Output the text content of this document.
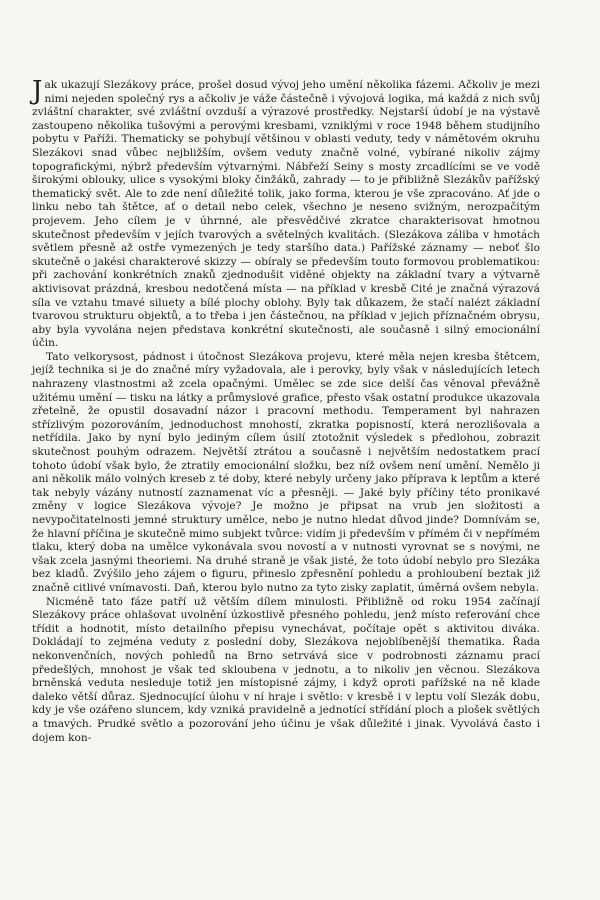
Jak ukazují Slezákovy práce, prošel dosud vývoj jeho umění několika fázemi. Ačkoliv je mezi nimi nejeden společný rys a ačkoliv je váže částečně i vývojová logika, má každá z nich svůj zvláštní charakter, své zvláštní ovzduší a výrazové prostředky. Nejstarší údobí je na výstavě zastoupeno několika tušovými a perovými kresbami, vzniklými v roce 1948 během studijního pobytu v Paříži. Thematicky se pohybují většinou v oblasti veduty, tedy v námětovém okruhu Slezákovi snad vůbec nejbližším, ovšem veduty značně volné, vybírané nikoliv zájmy topografickými, nýbrž především výtvarnými. Nábřeží Seiny s mosty zrcadlícími se ve vodě širokými oblouky, ulice s vysokými bloky činžáků, zahrady — to je přibližně Slezákův pařížský thematický svět. Ale to zde není důležité tolik, jako forma, kterou je vše zpracováno. Ať jde o linku nebo tah štětce, ať o detail nebo celek, všechno je neseno svižným, nerozpačitým projevem. Jeho cílem je v úhrnné, ale přesvědčivé zkratce charakterisovat hmotnou skutečnost především v jejích tvarových a světelných kvalitách. (Slezákova záliba v hmotách světlem přesně až ostře vymezených je tedy staršího data.) Pařížské záznamy — neboť šlo skutečně o jakési charakterové skizzy — obíraly se především touto formovou problematikou: při zachování konkrétních znaků zjednodušit viděné objekty na základní tvary a výtvarně aktivisovat prázdná, kresbou nedotčená místa — na příklad v kresbě Cité je značná výrazová síla ve vztahu tmavé siluety a bílé plochy oblohy. Byly tak důkazem, že stačí nalézt základní tvarovou strukturu objektů, a to třeba i jen částečnou, na příklad v jejich příznačném obrysu, aby byla vyvolána nejen představa konkrétní skutečnosti, ale současně i silný emocionální účin.

Tato velkorysost, pádnost i útočnost Slezákova projevu, které měla nejen kresba štětcem, jejíž technika si je do značné míry vyžadovala, ale i perovky, byly však v následujících letech nahrazeny vlastnostmi až zcela opačnými. Umělec se zde sice delší čas věnoval převážně užitému umění — tisku na látky a průmyslové grafice, přesto však ostatní produkce ukazovala zřetelně, že opustil dosavadní názor i pracovní methodu. Temperament byl nahrazen střízlivým pozorováním, jednoduchost mnohostí, zkratka popisností, která nerozlišovala a netřídila. Jako by nyní bylo jediným cílem úsilí ztotožnit výsledek s předlohou, zobrazit skutečnost pouhým odrazem. Největší ztrátou a současně i největším nedostatkem prací tohoto údobí však bylo, že ztratily emocionální složku, bez níž ovšem není umění. Nemělo ji ani několik málo volných kreseb z té doby, které nebyly určeny jako příprava k leptům a které tak nebyly vázány nutností zaznamenat víc a přesněji. — Jaké byly příčiny této pronikavé změny v logice Slezákova vývoje? Je možno je připsat na vrub jen složitosti a nevypočitatelnosti jemné struktury umělce, nebo je nutno hledat důvod jinde? Domnívám se, že hlavní příčina je skutečně mimo subjekt tvůrce: vidím ji především v přímém či v nepřímém tlaku, který doba na umělce vykonávala svou novostí a v nutnosti vyrovnat se s novými, ne však zcela jasnými theoriemi. Na druhé straně je však jisté, že toto údobí nebylo pro Slezáka bez kladů. Zvýšilo jeho zájem o figuru, přineslo zpřesnění pohledu a prohloubení beztak již značně citlivé vnímavosti. Daň, kterou bylo nutno za tyto zisky zaplatit, úměrná ovšem nebyla.

Nicméně tato fáze patří už větším dílem minulosti. Přibližně od roku 1954 začínají Slezákovy práce ohlašovat uvolnění úzkostlivě přesného pohledu, jenž místo referování chce třídit a hodnotit, místo detailního přepisu vynechávat, počítaje opět s aktivitou diváka. Dokládají to zejména veduty z poslední doby, Slezákova nejoblíbenější thematika. Řada nekonvenčních, nových pohledů na Brno setrvává sice v podrobnosti záznamu prací předešlých, mnohost je však ted skloubena v jednotu, a to nikoliv jen věcnou. Slezákova brněnská veduta nesleduje totiž jen místopisné zájmy, i když oproti pařížské na ně klade daleko větší důraz. Sjednocující úlohu v ní hraje i světlo: v kresbě i v leptu volí Slezák dobu, kdy je vše ozářeno sluncem, kdy vzniká pravidelně a jednotící střídání ploch a plošek světlých a tmavých. Prudké světlo a pozorování jeho účinu je však důležité i jinak. Vyvolává často i dojem kon-
